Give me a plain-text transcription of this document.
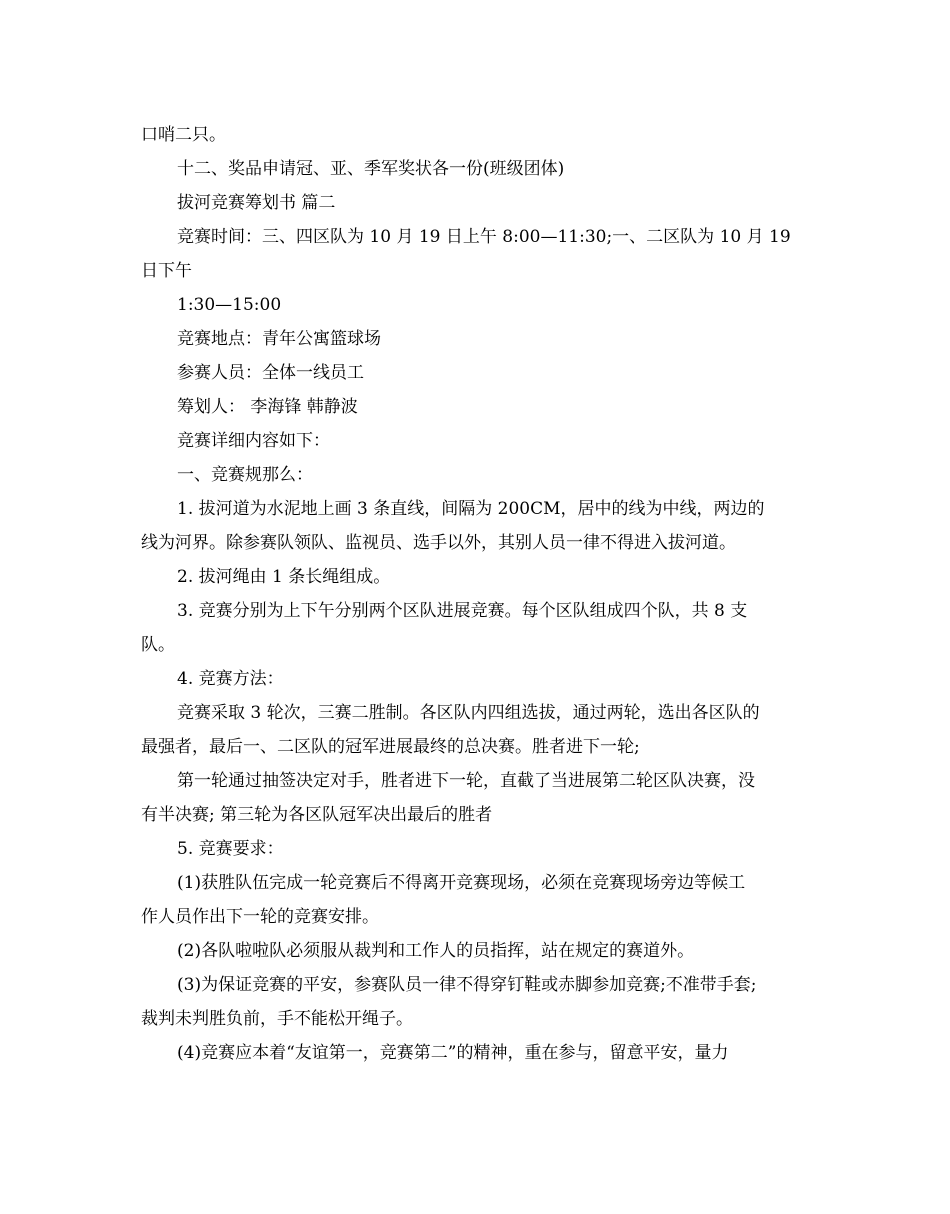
口哨二只。
十二、奖品申请冠、亚、季军奖状各一份(班级团体)
拔河竞赛筹划书 篇二
竞赛时间：三、四区队为 10 月 19 日上午 8:00—11:30;一、二区队为 10 月 19
日下午
1:30—15:00
竞赛地点：青年公寓篮球场
参赛人员：全体一线员工
筹划人： 李海锋 韩静波
竞赛详细内容如下：
一、竞赛规那么：
1. 拔河道为水泥地上画 3 条直线，间隔为 200CM，居中的线为中线，两边的
线为河界。除参赛队领队、监视员、选手以外，其别人员一律不得进入拔河道。
2. 拔河绳由 1 条长绳组成。
3. 竞赛分别为上下午分别两个区队进展竞赛。每个区队组成四个队，共 8 支
队。
4. 竞赛方法：
竞赛采取 3 轮次，三赛二胜制。各区队内四组选拔，通过两轮，选出各区队的
最强者，最后一、二区队的冠军进展最终的总决赛。胜者进下一轮;
第一轮通过抽签决定对手，胜者进下一轮，直截了当进展第二轮区队决赛，没
有半决赛; 第三轮为各区队冠军决出最后的胜者
5. 竞赛要求：
(1)获胜队伍完成一轮竞赛后不得离开竞赛现场，必须在竞赛现场旁边等候工
作人员作出下一轮的竞赛安排。
(2)各队啦啦队必须服从裁判和工作人的员指挥，站在规定的赛道外。
(3)为保证竞赛的平安，参赛队员一律不得穿钉鞋或赤脚参加竞赛;不准带手套;
裁判未判胜负前，手不能松开绳子。
(4)竞赛应本着“友谊第一，竞赛第二”的精神，重在参与，留意平安，量力
